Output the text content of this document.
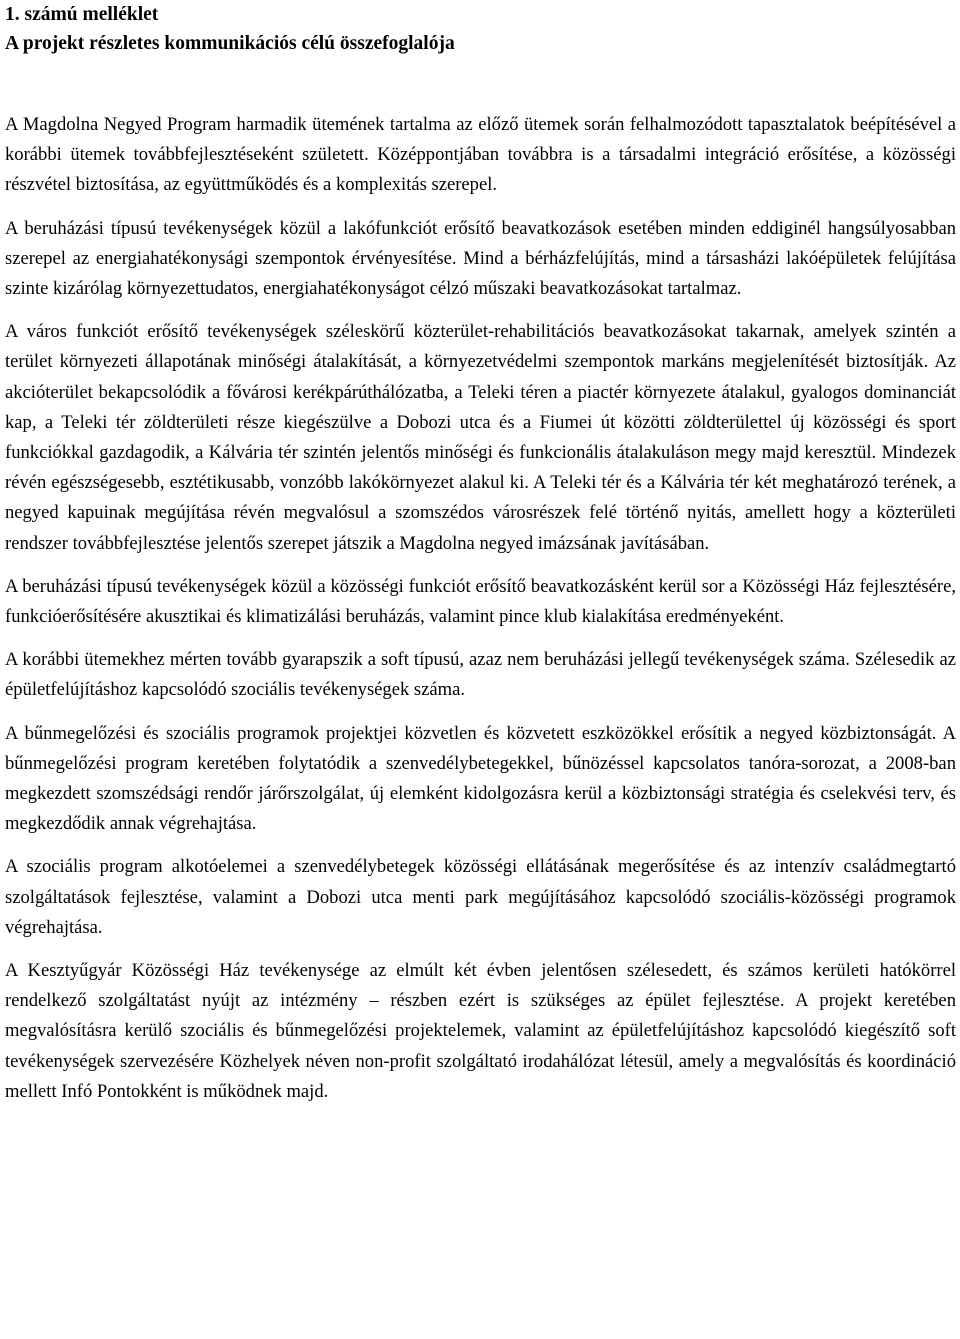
1. számú melléklet
A projekt részletes kommunikációs célú összefoglalója

A Magdolna Negyed Program harmadik ütemének tartalma az előző ütemek során felhalmozódott tapasztalatok beépítésével a korábbi ütemek továbbfejlesztéseként született. Középpontjában továbbra is a társadalmi integráció erősítése, a közösségi részvétel biztosítása, az együttműködés és a komplexitás szerepel.

A beruházási típusú tevékenységek közül a lakófunkciót erősítő beavatkozások esetében minden eddiginél hangsúlyosabban szerepel az energiahatékonysági szempontok érvényesítése. Mind a bérházfelújítás, mind a társasházi lakóépületek felújítása szinte kizárólag környezettudatos, energiahatékonyságot célzó műszaki beavatkozásokat tartalmaz.

A város funkciót erősítő tevékenységek széleskörű közterület-rehabilitációs beavatkozásokat takarnak, amelyek szintén a terület környezeti állapotának minőségi átalakítását, a környezetvédelmi szempontok markáns megjelenítését biztosítják. Az akcióterület bekapcsolódik a fővárosi kerékpárúthálózatba, a Teleki téren a piactér környezete átalakul, gyalogos dominanciát kap, a Teleki tér zöldterületi része kiegészülve a Dobozi utca és a Fiumei út közötti zöldterülettel új közösségi és sport funkciókkal gazdagodik, a Kálvária tér szintén jelentős minőségi és funkcionális átalakuláson megy majd keresztül. Mindezek révén egészségesebb, esztétikusabb, vonzóbb lakókörnyezet alakul ki. A Teleki tér és a Kálvária tér két meghatározó terének, a negyed kapuinak megújítása révén megvalósul a szomszédos városrészek felé történő nyitás, amellett hogy a közterületi rendszer továbbfejlesztése jelentős szerepet játszik a Magdolna negyed imázsának javításában.

A beruházási típusú tevékenységek közül a közösségi funkciót erősítő beavatkozásként kerül sor a Közösségi Ház fejlesztésére, funkcióerősítésére akusztikai és klimatizálási beruházás, valamint pince klub kialakítása eredményeként.

A korábbi ütemekhez mérten tovább gyarapszik a soft típusú, azaz nem beruházási jellegű tevékenységek száma. Szélesedik az épületfelújításhoz kapcsolódó szociális tevékenységek száma.

A bűnmegelőzési és szociális programok projektjei közvetlen és közvetett eszközökkel erősítik a negyed közbiztonságát. A bűnmegelőzési program keretében folytatódik a szenvedélybetegekkel, bűnözéssel kapcsolatos tanóra-sorozat, a 2008-ban megkezdett szomszédsági rendőr járőrszolgálat, új elemként kidolgozásra kerül a közbiztonsági stratégia és cselekvési terv, és megkezdődik annak végrehajtása.

A szociális program alkotóelemei a szenvedélybetegek közösségi ellátásának megerősítése és az intenzív családmegtartó szolgáltatások fejlesztése, valamint a Dobozi utca menti park megújításához kapcsolódó szociális-közösségi programok végrehajtása.

A Kesztyűgyár Közösségi Ház tevékenysége az elmúlt két évben jelentősen szélesedett, és számos kerületi hatókörrel rendelkező szolgáltatást nyújt az intézmény – részben ezért is szükséges az épület fejlesztése. A projekt keretében megvalósításra kerülő szociális és bűnmegelőzési projektelemek, valamint az épületfelújításhoz kapcsolódó kiegészítő soft tevékenységek szervezésére Közhelyek néven non-profit szolgáltató irodahálózat létesül, amely a megvalósítás és koordináció mellett Infó Pontokként is működnek majd.
